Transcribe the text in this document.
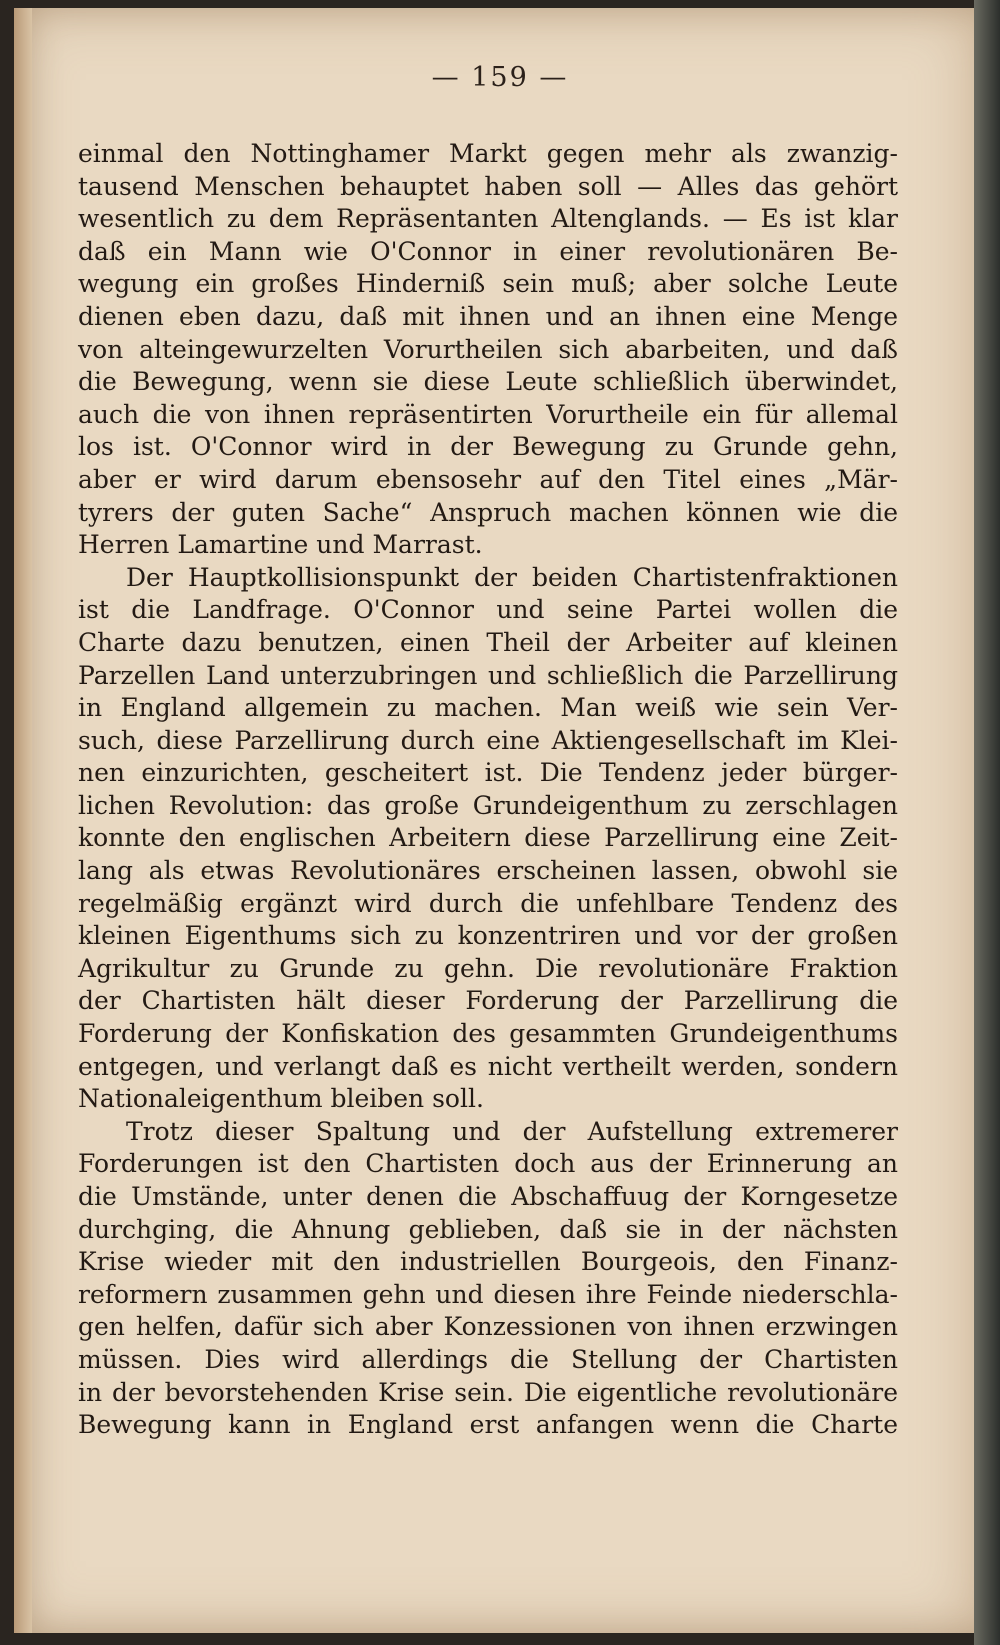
— 159 —

einmal den Nottinghamer Markt gegen mehr als zwanzig-

tausend Menschen behauptet haben soll — Alles das gehört

wesentlich zu dem Repräsentanten Altenglands. — Es ist klar

daß ein Mann wie O'Connor in einer revolutionären Be-

wegung ein großes Hinderniß sein muß; aber solche Leute

dienen eben dazu, daß mit ihnen und an ihnen eine Menge

von alteingewurzelten Vorurtheilen sich abarbeiten, und daß

die Bewegung, wenn sie diese Leute schließlich überwindet,

auch die von ihnen repräsentirten Vorurtheile ein für allemal

los ist. O'Connor wird in der Bewegung zu Grunde gehn,

aber er wird darum ebensosehr auf den Titel eines „Mär-

tyrers der guten Sache“ Anspruch machen können wie die

Herren Lamartine und Marrast.

Der Hauptkollisionspunkt der beiden Chartistenfraktionen

ist die Landfrage. O'Connor und seine Partei wollen die

Charte dazu benutzen, einen Theil der Arbeiter auf kleinen

Parzellen Land unterzubringen und schließlich die Parzellirung

in England allgemein zu machen. Man weiß wie sein Ver-

such, diese Parzellirung durch eine Aktiengesellschaft im Klei-

nen einzurichten, gescheitert ist. Die Tendenz jeder bürger-

lichen Revolution: das große Grundeigenthum zu zerschlagen

konnte den englischen Arbeitern diese Parzellirung eine Zeit-

lang als etwas Revolutionäres erscheinen lassen, obwohl sie

regelmäßig ergänzt wird durch die unfehlbare Tendenz des

kleinen Eigenthums sich zu konzentriren und vor der großen

Agrikultur zu Grunde zu gehn. Die revolutionäre Fraktion

der Chartisten hält dieser Forderung der Parzellirung die

Forderung der Konfiskation des gesammten Grundeigenthums

entgegen, und verlangt daß es nicht vertheilt werden, sondern

Nationaleigenthum bleiben soll.

Trotz dieser Spaltung und der Aufstellung extremerer

Forderungen ist den Chartisten doch aus der Erinnerung an

die Umstände, unter denen die Abschaffuug der Korngesetze

durchging, die Ahnung geblieben, daß sie in der nächsten

Krise wieder mit den industriellen Bourgeois, den Finanz-

reformern zusammen gehn und diesen ihre Feinde niederschla-

gen helfen, dafür sich aber Konzessionen von ihnen erzwingen

müssen. Dies wird allerdings die Stellung der Chartisten

in der bevorstehenden Krise sein. Die eigentliche revolutionäre

Bewegung kann in England erst anfangen wenn die Charte
